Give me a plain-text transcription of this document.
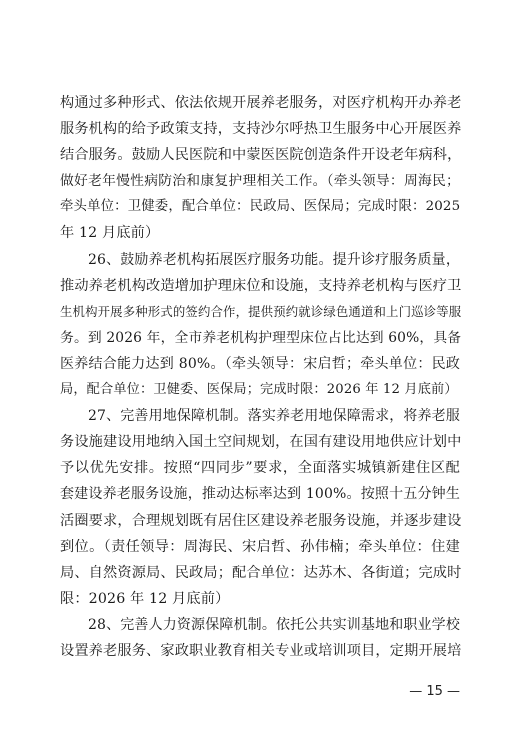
构通过多种形式、依法依规开展养老服务，对医疗机构开办养老
服务机构的给予政策支持，支持沙尔呼热卫生服务中心开展医养
结合服务。鼓励人民医院和中蒙医医院创造条件开设老年病科，
做好老年慢性病防治和康复护理相关工作。（牵头领导：周海民；
牵头单位：卫健委，配合单位：民政局、医保局；完成时限：2025
年 12 月底前）
26、鼓励养老机构拓展医疗服务功能。提升诊疗服务质量，
推动养老机构改造增加护理床位和设施，支持养老机构与医疗卫
生机构开展多种形式的签约合作，提供预约就诊绿色通道和上门巡诊等服
务。到 2026 年，全市养老机构护理型床位占比达到 60%，具备
医养结合能力达到 80%。（牵头领导：宋启哲；牵头单位：民政
局，配合单位：卫健委、医保局；完成时限：2026 年 12 月底前）
27、完善用地保障机制。落实养老用地保障需求，将养老服
务设施建设用地纳入国土空间规划，在国有建设用地供应计划中
予以优先安排。按照“四同步”要求，全面落实城镇新建住区配
套建设养老服务设施，推动达标率达到 100%。按照十五分钟生
活圈要求，合理规划既有居住区建设养老服务设施，并逐步建设
到位。（责任领导：周海民、宋启哲、孙伟楠；牵头单位：住建
局、自然资源局、民政局；配合单位：达苏木、各街道；完成时
限：2026 年 12 月底前）
28、完善人力资源保障机制。依托公共实训基地和职业学校
设置养老服务、家政职业教育相关专业或培训项目，定期开展培
— 15 —
